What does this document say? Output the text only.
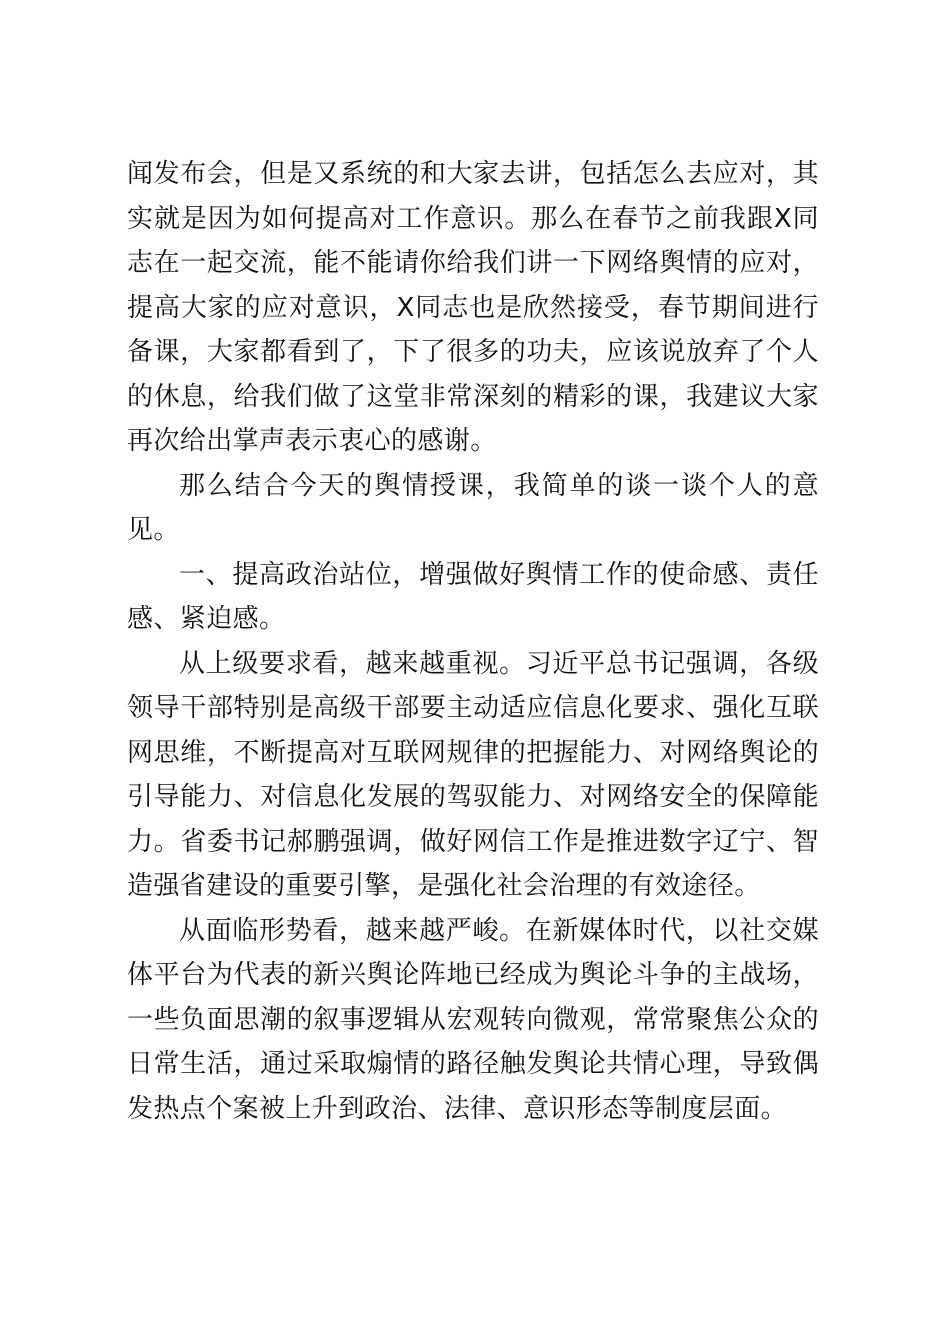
闻发布会，但是又系统的和大家去讲，包括怎么去应对，其实就是因为如何提高对工作意识。那么在春节之前我跟X同志在一起交流，能不能请你给我们讲一下网络舆情的应对，提高大家的应对意识，X同志也是欣然接受，春节期间进行备课，大家都看到了，下了很多的功夫，应该说放弃了个人的休息，给我们做了这堂非常深刻的精彩的课，我建议大家再次给出掌声表示衷心的感谢。

那么结合今天的舆情授课，我简单的谈一谈个人的意见。

一、提高政治站位，增强做好舆情工作的使命感、责任感、紧迫感。

从上级要求看，越来越重视。习近平总书记强调，各级领导干部特别是高级干部要主动适应信息化要求、强化互联网思维，不断提高对互联网规律的把握能力、对网络舆论的引导能力、对信息化发展的驾驭能力、对网络安全的保障能力。省委书记郝鹏强调，做好网信工作是推进数字辽宁、智造强省建设的重要引擎，是强化社会治理的有效途径。

从面临形势看，越来越严峻。在新媒体时代，以社交媒体平台为代表的新兴舆论阵地已经成为舆论斗争的主战场，一些负面思潮的叙事逻辑从宏观转向微观，常常聚焦公众的日常生活，通过采取煽情的路径触发舆论共情心理，导致偶发热点个案被上升到政治、法律、意识形态等制度层面。
